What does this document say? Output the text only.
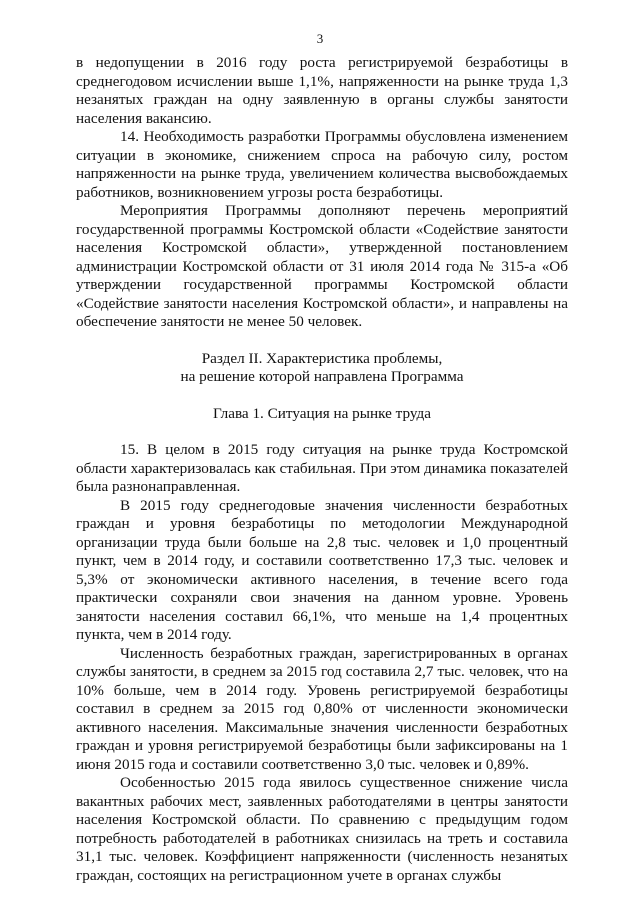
3

в недопущении в 2016 году роста регистрируемой безработицы в среднегодовом исчислении выше 1,1%, напряженности на рынке труда 1,3 незанятых граждан на одну заявленную в органы службы занятости населения вакансию.

14. Необходимость разработки Программы обусловлена изменением ситуации в экономике, снижением спроса на рабочую силу, ростом напряженности на рынке труда, увеличением количества высвобождаемых работников, возникновением угрозы роста безработицы.

Мероприятия Программы дополняют перечень мероприятий государственной программы Костромской области «Содействие занятости населения Костромской области», утвержденной постановлением администрации Костромской области от 31 июля 2014 года № 315-а «Об утверждении государственной программы Костромской области «Содействие занятости населения Костромской области», и направлены на обеспечение занятости не менее 50 человек.

Раздел II. Характеристика проблемы,
на решение которой направлена Программа
Глава 1. Ситуация на рынке труда

15. В целом в 2015 году ситуация на рынке труда Костромской области характеризовалась как стабильная. При этом динамика показателей была разнонаправленная.

В 2015 году среднегодовые значения численности безработных граждан и уровня безработицы по методологии Международной организации труда были больше на 2,8 тыс. человек и 1,0 процентный пункт, чем в 2014 году, и составили соответственно 17,3 тыс. человек и 5,3% от экономически активного населения, в течение всего года практически сохраняли свои значения на данном уровне. Уровень занятости населения составил 66,1%, что меньше на 1,4 процентных пункта, чем в 2014 году.

Численность безработных граждан, зарегистрированных в органах службы занятости, в среднем за 2015 год составила 2,7 тыс. человек, что на 10% больше, чем в 2014 году. Уровень регистрируемой безработицы составил в среднем за 2015 год 0,80% от численности экономически активного населения. Максимальные значения численности безработных граждан и уровня регистрируемой безработицы были зафиксированы на 1 июня 2015 года и составили соответственно 3,0 тыс. человек и 0,89%.

Особенностью 2015 года явилось существенное снижение числа вакантных рабочих мест, заявленных работодателями в центры занятости населения Костромской области. По сравнению с предыдущим годом потребность работодателей в работниках снизилась на треть и составила 31,1 тыс. человек. Коэффициент напряженности (численность незанятых граждан, состоящих на регистрационном учете в органах службы
